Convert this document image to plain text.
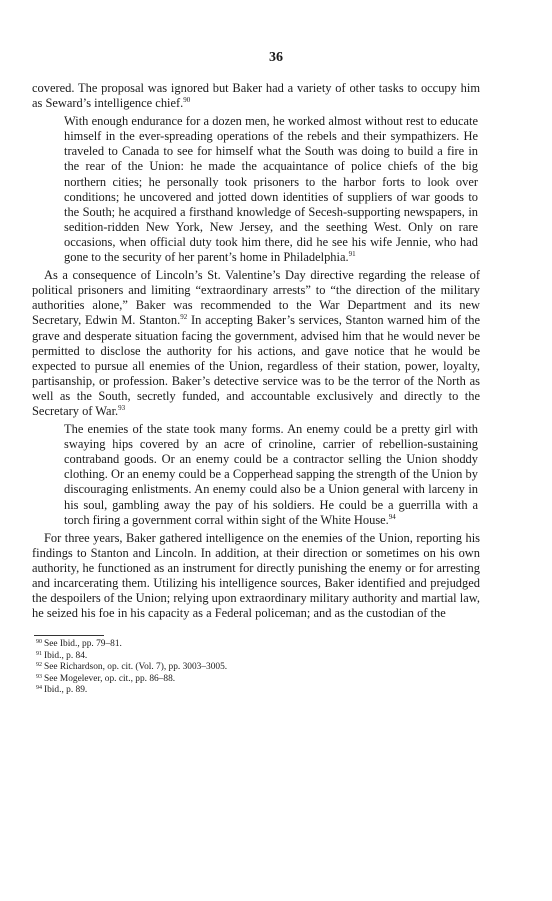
36

covered. The proposal was ignored but Baker had a variety of other tasks to occupy him as Seward’s intelligence chief.$^{90}$

With enough endurance for a dozen men, he worked almost without rest to educate himself in the ever-spreading operations of the rebels and their sympathizers. He traveled to Canada to see for himself what the South was doing to build a fire in the rear of the Union: he made the acquaintance of police chiefs of the big northern cities; he personally took prisoners to the harbor forts to look over conditions; he uncovered and jotted down identities of suppliers of war goods to the South; he acquired a firsthand knowledge of Secesh-supporting newspapers, in sedition-ridden New York, New Jersey, and the seething West. Only on rare occasions, when official duty took him there, did he see his wife Jennie, who had gone to the security of her parent’s home in Philadelphia.$^{91}$

As a consequence of Lincoln’s St. Valentine’s Day directive regarding the release of political prisoners and limiting “extraordinary arrests” to “the direction of the military authorities alone,” Baker was recommended to the War Department and its new Secretary, Edwin M. Stanton.$^{92}$ In accepting Baker’s services, Stanton warned him of the grave and desperate situation facing the government, advised him that he would never be permitted to disclose the authority for his actions, and gave notice that he would be expected to pursue all enemies of the Union, regardless of their station, power, loyalty, partisanship, or profession. Baker’s detective service was to be the terror of the North as well as the South, secretly funded, and accountable exclusively and directly to the Secretary of War.$^{93}$

The enemies of the state took many forms. An enemy could be a pretty girl with swaying hips covered by an acre of crinoline, carrier of rebellion-sustaining contraband goods. Or an enemy could be a contractor selling the Union shoddy clothing. Or an enemy could be a Copperhead sapping the strength of the Union by discouraging enlistments. An enemy could also be a Union general with larceny in his soul, gambling away the pay of his soldiers. He could be a guerrilla with a torch firing a government corral within sight of the White House.$^{94}$

For three years, Baker gathered intelligence on the enemies of the Union, reporting his findings to Stanton and Lincoln. In addition, at their direction or sometimes on his own authority, he functioned as an instrument for directly punishing the enemy or for arresting and incarcerating them. Utilizing his intelligence sources, Baker identified and prejudged the despoilers of the Union; relying upon extraordinary military authority and martial law, he seized his foe in his capacity as a Federal policeman; and as the custodian of the

$^{90}$ See Ibid., pp. 79–81.
$^{91}$ Ibid., p. 84.
$^{92}$ See Richardson, op. cit. (Vol. 7), pp. 3003–3005.
$^{93}$ See Mogelever, op. cit., pp. 86–88.
$^{94}$ Ibid., p. 89.
